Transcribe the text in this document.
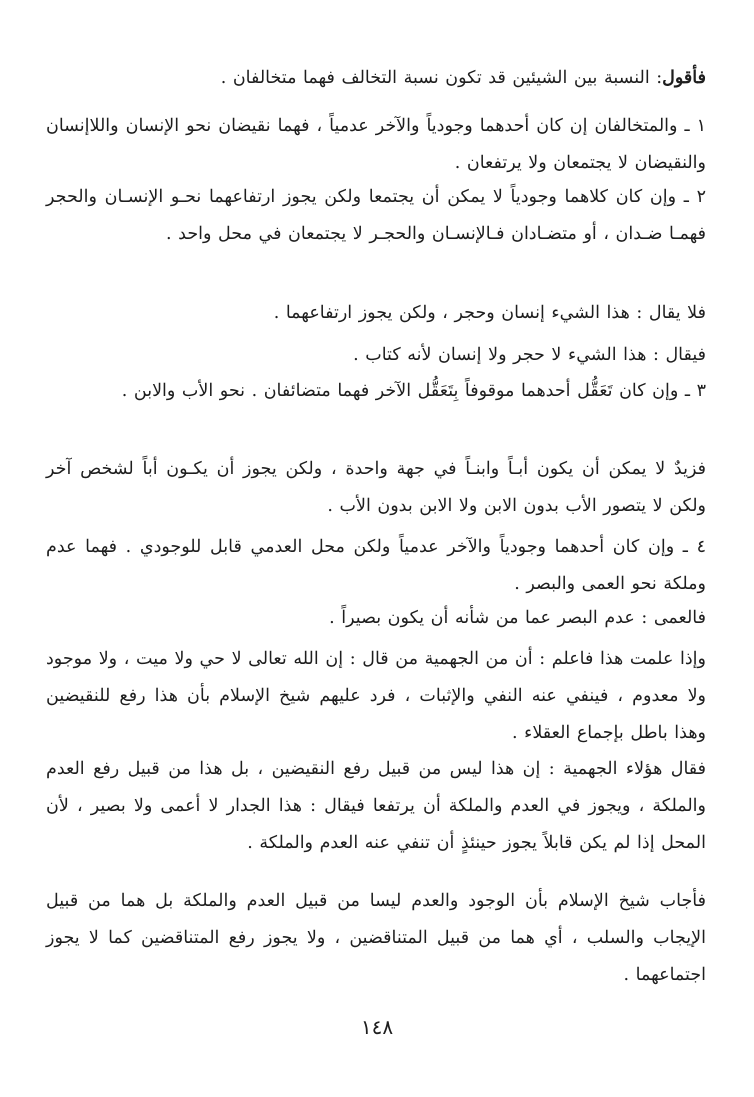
فأقول: النسبة بين الشيئين قد تكون نسبة التخالف فهما متخالفان .

١ ـ والمتخالفان إن كان أحدهما وجودياً والآخر عدمياً ، فهما نقيضان نحو الإنسان واللاإنسان والنقيضان لا يجتمعان ولا يرتفعان .

٢ ـ وإن كان كلاهما وجودياً لا يمكن أن يجتمعا ولكن يجوز ارتفاعهما نحـو الإنسـان والحجر فهمـا ضـدان ، أو متضـادان فـالإنسـان والحجـر لا يجتمعان في محل واحد .

فلا يقال : هذا الشيء إنسان وحجر ، ولكن يجوز ارتفاعهما .

فيقال : هذا الشيء لا حجر ولا إنسان لأنه كتاب .

٣ ـ وإن كان تَعَقُّل أحدهما موقوفاً بِتَعَقُّل الآخر فهما متضائفان . نحو الأب والابن .

فزيدٌ لا يمكن أن يكون أبـاً وابنـاً في جهة واحدة ، ولكن يجوز أن يكـون أباً لشخص آخر ولكن لا يتصور الأب بدون الابن ولا الابن بدون الأب .

٤ ـ وإن كان أحدهما وجودياً والآخر عدمياً ولكن محل العدمي قابل للوجودي . فهما عدم وملكة نحو العمى والبصر .

فالعمى : عدم البصر عما من شأنه أن يكون بصيراً .

وإذا علمت هذا فاعلم : أن من الجهمية من قال : إن الله تعالى لا حي ولا ميت ، ولا موجود ولا معدوم ، فينفي عنه النفي والإثبات ، فرد عليهم شيخ الإسلام بأن هذا رفع للنقيضين وهذا باطل بإجماع العقلاء .

فقال هؤلاء الجهمية : إن هذا ليس من قبيل رفع النقيضين ، بل هذا من قبيل رفع العدم والملكة ، ويجوز في العدم والملكة أن يرتفعا فيقال : هذا الجدار لا أعمى ولا بصير ، لأن المحل إذا لم يكن قابلاً يجوز حينئذٍ أن تنفي عنه العدم والملكة .

فأجاب شيخ الإسلام بأن الوجود والعدم ليسا من قبيل العدم والملكة بل هما من قبيل الإيجاب والسلب ، أي هما من قبيل المتناقضين ، ولا يجوز رفع المتناقضين كما لا يجوز اجتماعهما .

١٤٨
